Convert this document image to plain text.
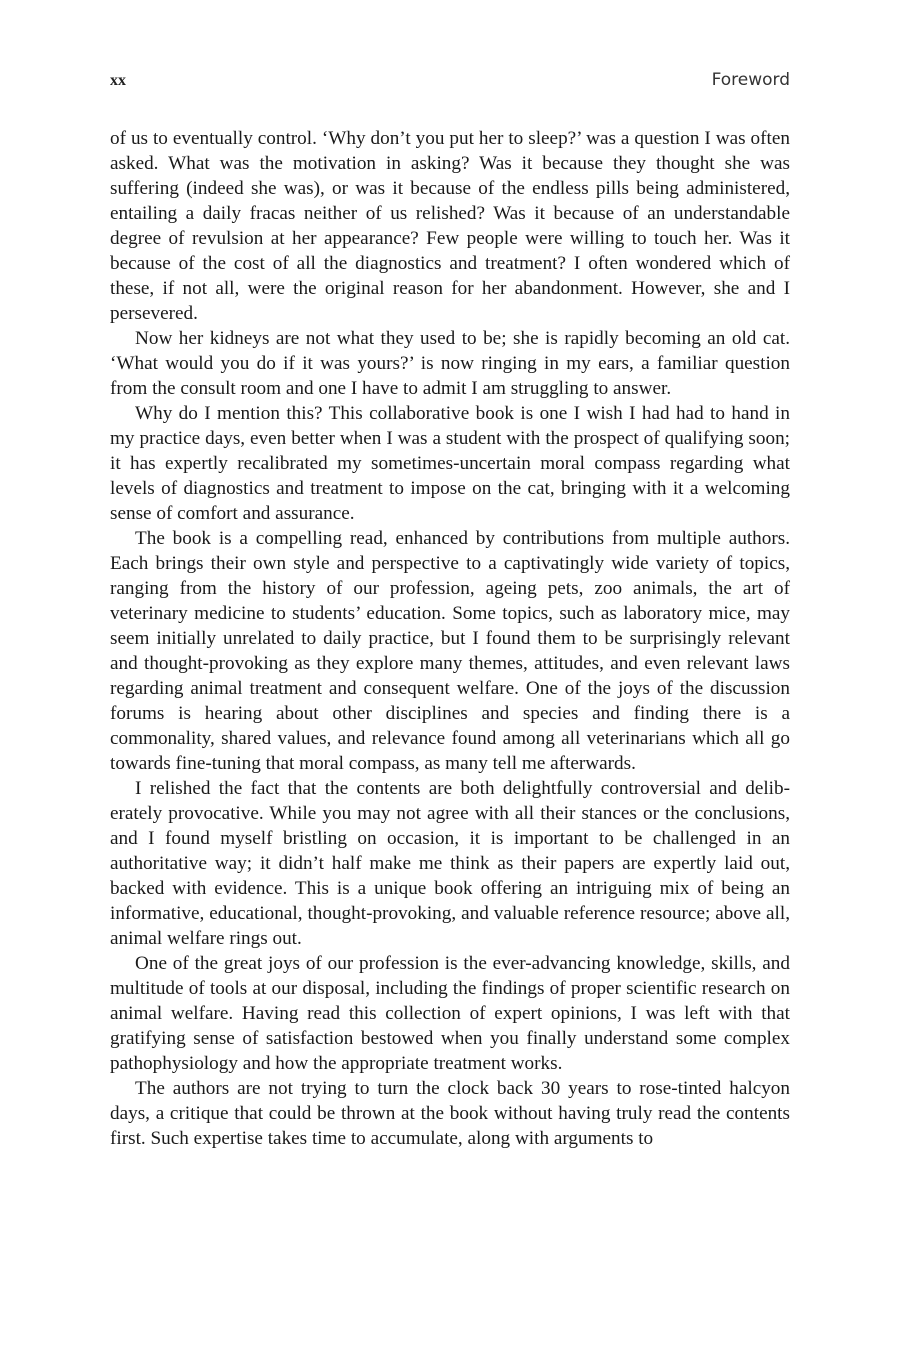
xx	Foreword

of us to eventually control. ‘Why don’t you put her to sleep?’ was a question I was often asked. What was the motivation in asking? Was it because they thought she was suffering (indeed she was), or was it because of the endless pills being administered, entailing a daily fracas neither of us relished? Was it because of an understandable degree of revulsion at her appearance? Few people were willing to touch her. Was it because of the cost of all the diagnostics and treatment? I often wondered which of these, if not all, were the original reason for her abandonment. However, she and I persevered.

Now her kidneys are not what they used to be; she is rapidly becoming an old cat. ‘What would you do if it was yours?’ is now ringing in my ears, a familiar question from the consult room and one I have to admit I am struggling to answer.

Why do I mention this? This collaborative book is one I wish I had had to hand in my practice days, even better when I was a student with the prospect of qualifying soon; it has expertly recalibrated my sometimes-uncertain moral compass regarding what levels of diagnostics and treatment to impose on the cat, bringing with it a welcoming sense of comfort and assurance.

The book is a compelling read, enhanced by contributions from multiple authors. Each brings their own style and perspective to a captivatingly wide variety of topics, ranging from the history of our profession, ageing pets, zoo animals, the art of veterinary medicine to students’ education. Some topics, such as laboratory mice, may seem initially unrelated to daily practice, but I found them to be surprisingly relevant and thought-provoking as they explore many themes, attitudes, and even relevant laws regarding animal treatment and consequent welfare. One of the joys of the discussion forums is hearing about other disciplines and species and finding there is a commonality, shared values, and relevance found among all veterinarians which all go towards fine-tuning that moral compass, as many tell me afterwards.

I relished the fact that the contents are both delightfully controversial and deliberately provocative. While you may not agree with all their stances or the conclusions, and I found myself bristling on occasion, it is important to be challenged in an authoritative way; it didn’t half make me think as their papers are expertly laid out, backed with evidence. This is a unique book offering an intriguing mix of being an informative, educational, thought-provoking, and valuable reference resource; above all, animal welfare rings out.

One of the great joys of our profession is the ever-advancing knowledge, skills, and multitude of tools at our disposal, including the findings of proper scientific research on animal welfare. Having read this collection of expert opinions, I was left with that gratifying sense of satisfaction bestowed when you finally understand some complex pathophysiology and how the appropriate treatment works.

The authors are not trying to turn the clock back 30 years to rose-tinted halcyon days, a critique that could be thrown at the book without having truly read the contents first. Such expertise takes time to accumulate, along with arguments to
